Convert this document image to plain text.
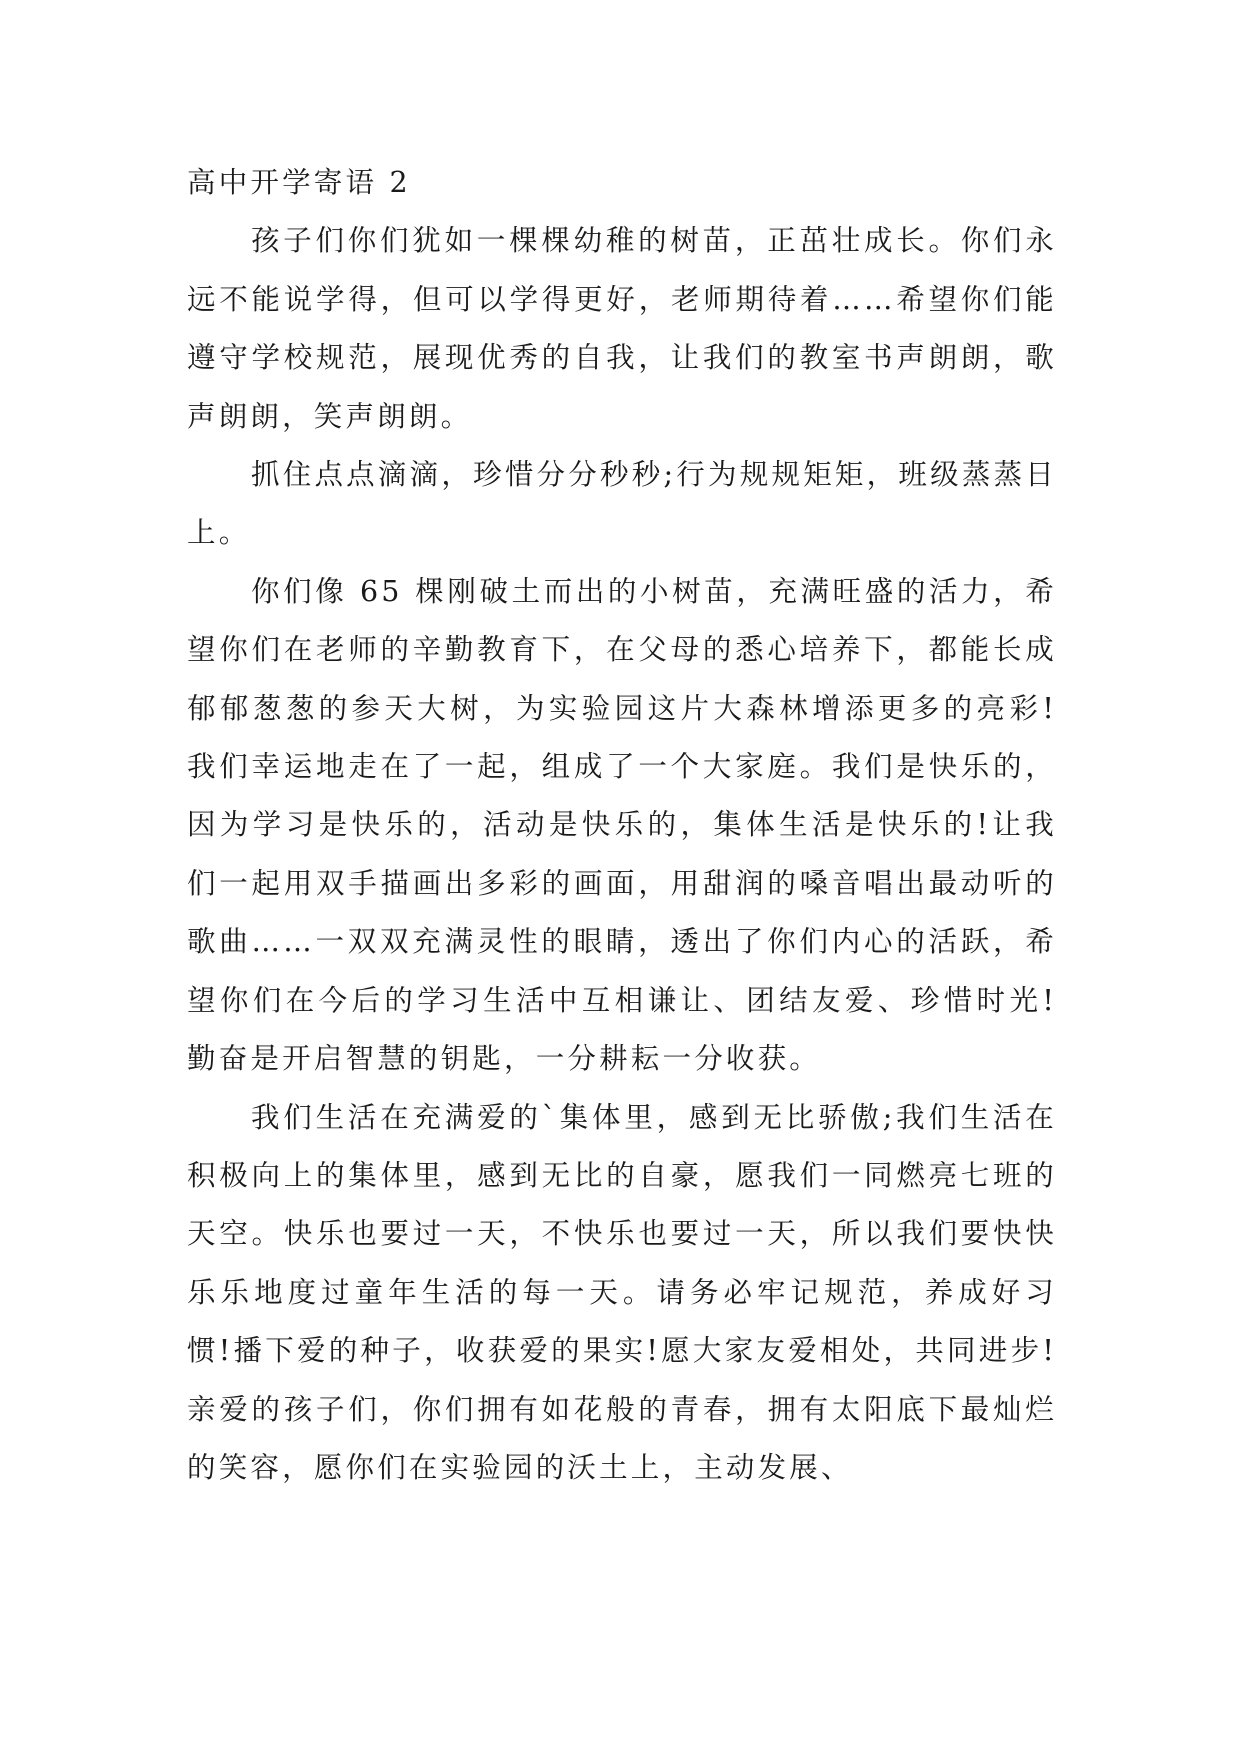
高中开学寄语 2

孩子们你们犹如一棵棵幼稚的树苗，正茁壮成长。你们永远不能说学得，但可以学得更好，老师期待着……希望你们能遵守学校规范，展现优秀的自我，让我们的教室书声朗朗，歌声朗朗，笑声朗朗。

抓住点点滴滴，珍惜分分秒秒;行为规规矩矩，班级蒸蒸日上。

你们像 65 棵刚破土而出的小树苗，充满旺盛的活力，希望你们在老师的辛勤教育下，在父母的悉心培养下，都能长成郁郁葱葱的参天大树，为实验园这片大森林增添更多的亮彩!我们幸运地走在了一起，组成了一个大家庭。我们是快乐的，因为学习是快乐的，活动是快乐的，集体生活是快乐的!让我们一起用双手描画出多彩的画面，用甜润的嗓音唱出最动听的歌曲……一双双充满灵性的眼睛，透出了你们内心的活跃，希望你们在今后的学习生活中互相谦让、团结友爱、珍惜时光!勤奋是开启智慧的钥匙，一分耕耘一分收获。

我们生活在充满爱的`集体里，感到无比骄傲;我们生活在积极向上的集体里，感到无比的自豪，愿我们一同燃亮七班的天空。快乐也要过一天，不快乐也要过一天，所以我们要快快乐乐地度过童年生活的每一天。请务必牢记规范，养成好习惯!播下爱的种子，收获爱的果实!愿大家友爱相处，共同进步!亲爱的孩子们，你们拥有如花般的青春，拥有太阳底下最灿烂的笑容，愿你们在实验园的沃土上，主动发展、
